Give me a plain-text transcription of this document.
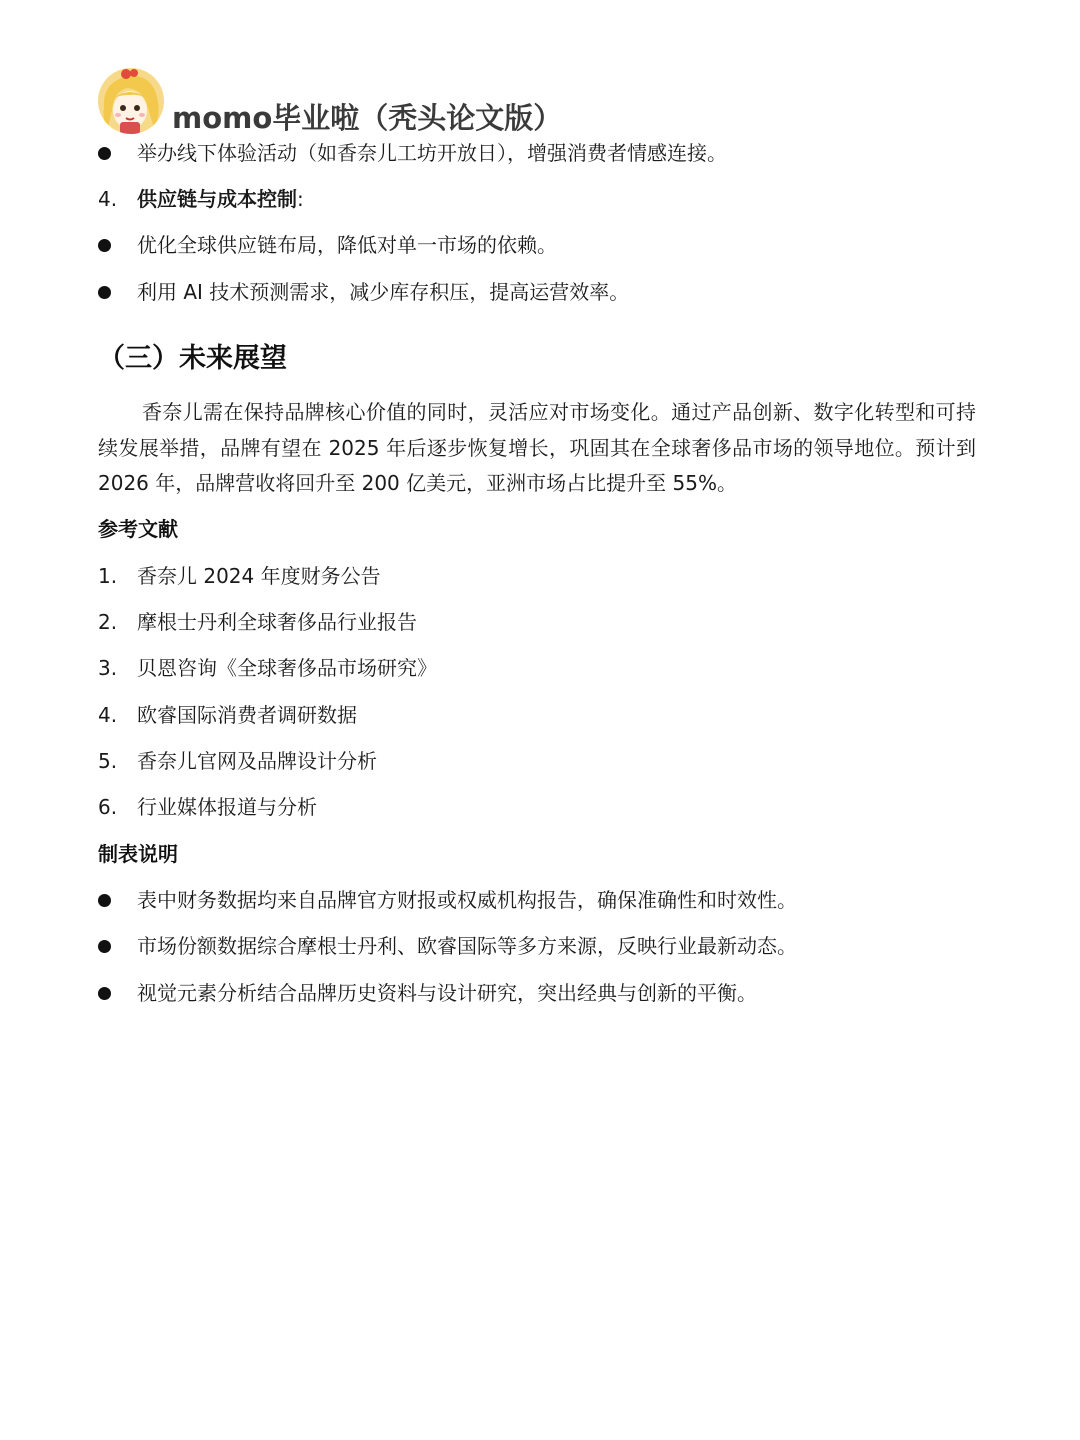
momo毕业啦（秃头论文版）
举办线下体验活动（如香奈儿工坊开放日），增强消费者情感连接。
4. 供应链与成本控制:
优化全球供应链布局，降低对单一市场的依赖。
利用 AI 技术预测需求，减少库存积压，提高运营效率。
（三）未来展望
香奈儿需在保持品牌核心价值的同时，灵活应对市场变化。通过产品创新、数字化转型和可持续发展举措，品牌有望在 2025 年后逐步恢复增长，巩固其在全球奢侈品市场的领导地位。预计到 2026 年，品牌营收将回升至 200 亿美元，亚洲市场占比提升至 55%。
参考文献
1. 香奈儿 2024 年度财务公告
2. 摩根士丹利全球奢侈品行业报告
3. 贝恩咨询《全球奢侈品市场研究》
4. 欧睿国际消费者调研数据
5. 香奈儿官网及品牌设计分析
6. 行业媒体报道与分析
制表说明
表中财务数据均来自品牌官方财报或权威机构报告，确保准确性和时效性。
市场份额数据综合摩根士丹利、欧睿国际等多方来源，反映行业最新动态。
视觉元素分析结合品牌历史资料与设计研究，突出经典与创新的平衡。
